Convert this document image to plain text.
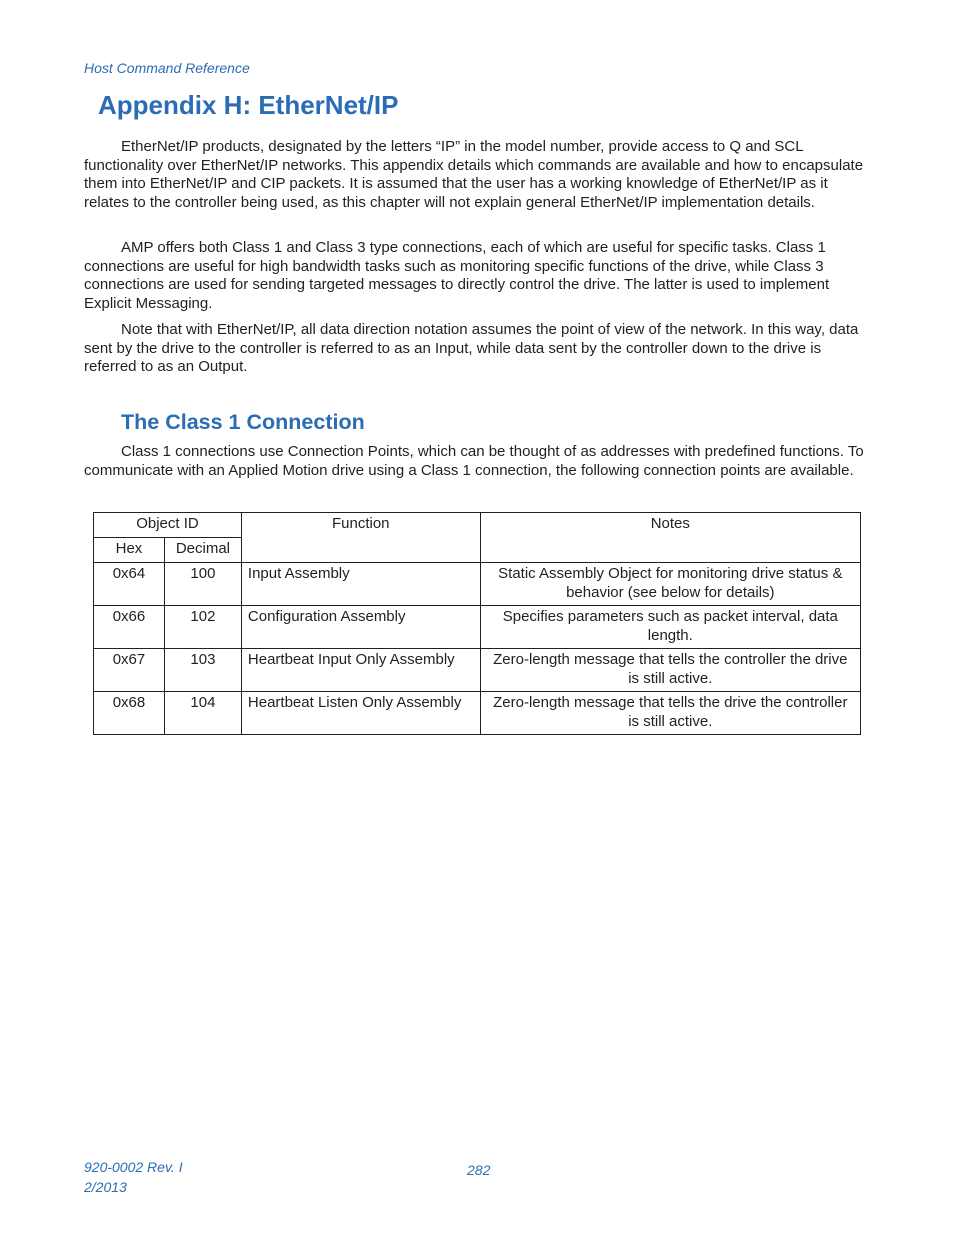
Host Command Reference
Appendix H: EtherNet/IP

EtherNet/IP products, designated by the letters “IP” in the model number, provide access to Q and SCL functionality over EtherNet/IP networks. This appendix details which commands are available and how to encapsulate them into EtherNet/IP and CIP packets. It is assumed that the user has a working knowledge of EtherNet/IP as it relates to the controller being used, as this chapter will not explain general EtherNet/IP implementation details.

AMP offers both Class 1 and Class 3 type connections, each of which are useful for specific tasks. Class 1 connections are useful for high bandwidth tasks such as monitoring specific functions of the drive, while Class 3 connections are used for sending targeted messages to directly control the drive. The latter is used to implement Explicit Messaging.

Note that with EtherNet/IP, all data direction notation assumes the point of view of the network. In this way, data sent by the drive to the controller is referred to as an Input, while data sent by the controller down to the drive is referred to as an Output.

The Class 1 Connection

Class 1 connections use Connection Points, which can be thought of as addresses with predefined functions. To communicate with an Applied Motion drive using a Class 1 connection, the following connection points are available.

Object ID		Function	Notes
Hex	Decimal		
0x64	100	Input Assembly	Static Assembly Object for monitoring drive status & behavior (see below for details)
0x66	102	Configuration Assembly	Specifies parameters such as packet interval, data length.
0x67	103	Heartbeat Input Only Assembly	Zero-length message that tells the controller the drive is still active.
0x68	104	Heartbeat Listen Only Assembly	Zero-length message that tells the drive the controller is still active.
920-0002 Rev. I
2/2013
282
